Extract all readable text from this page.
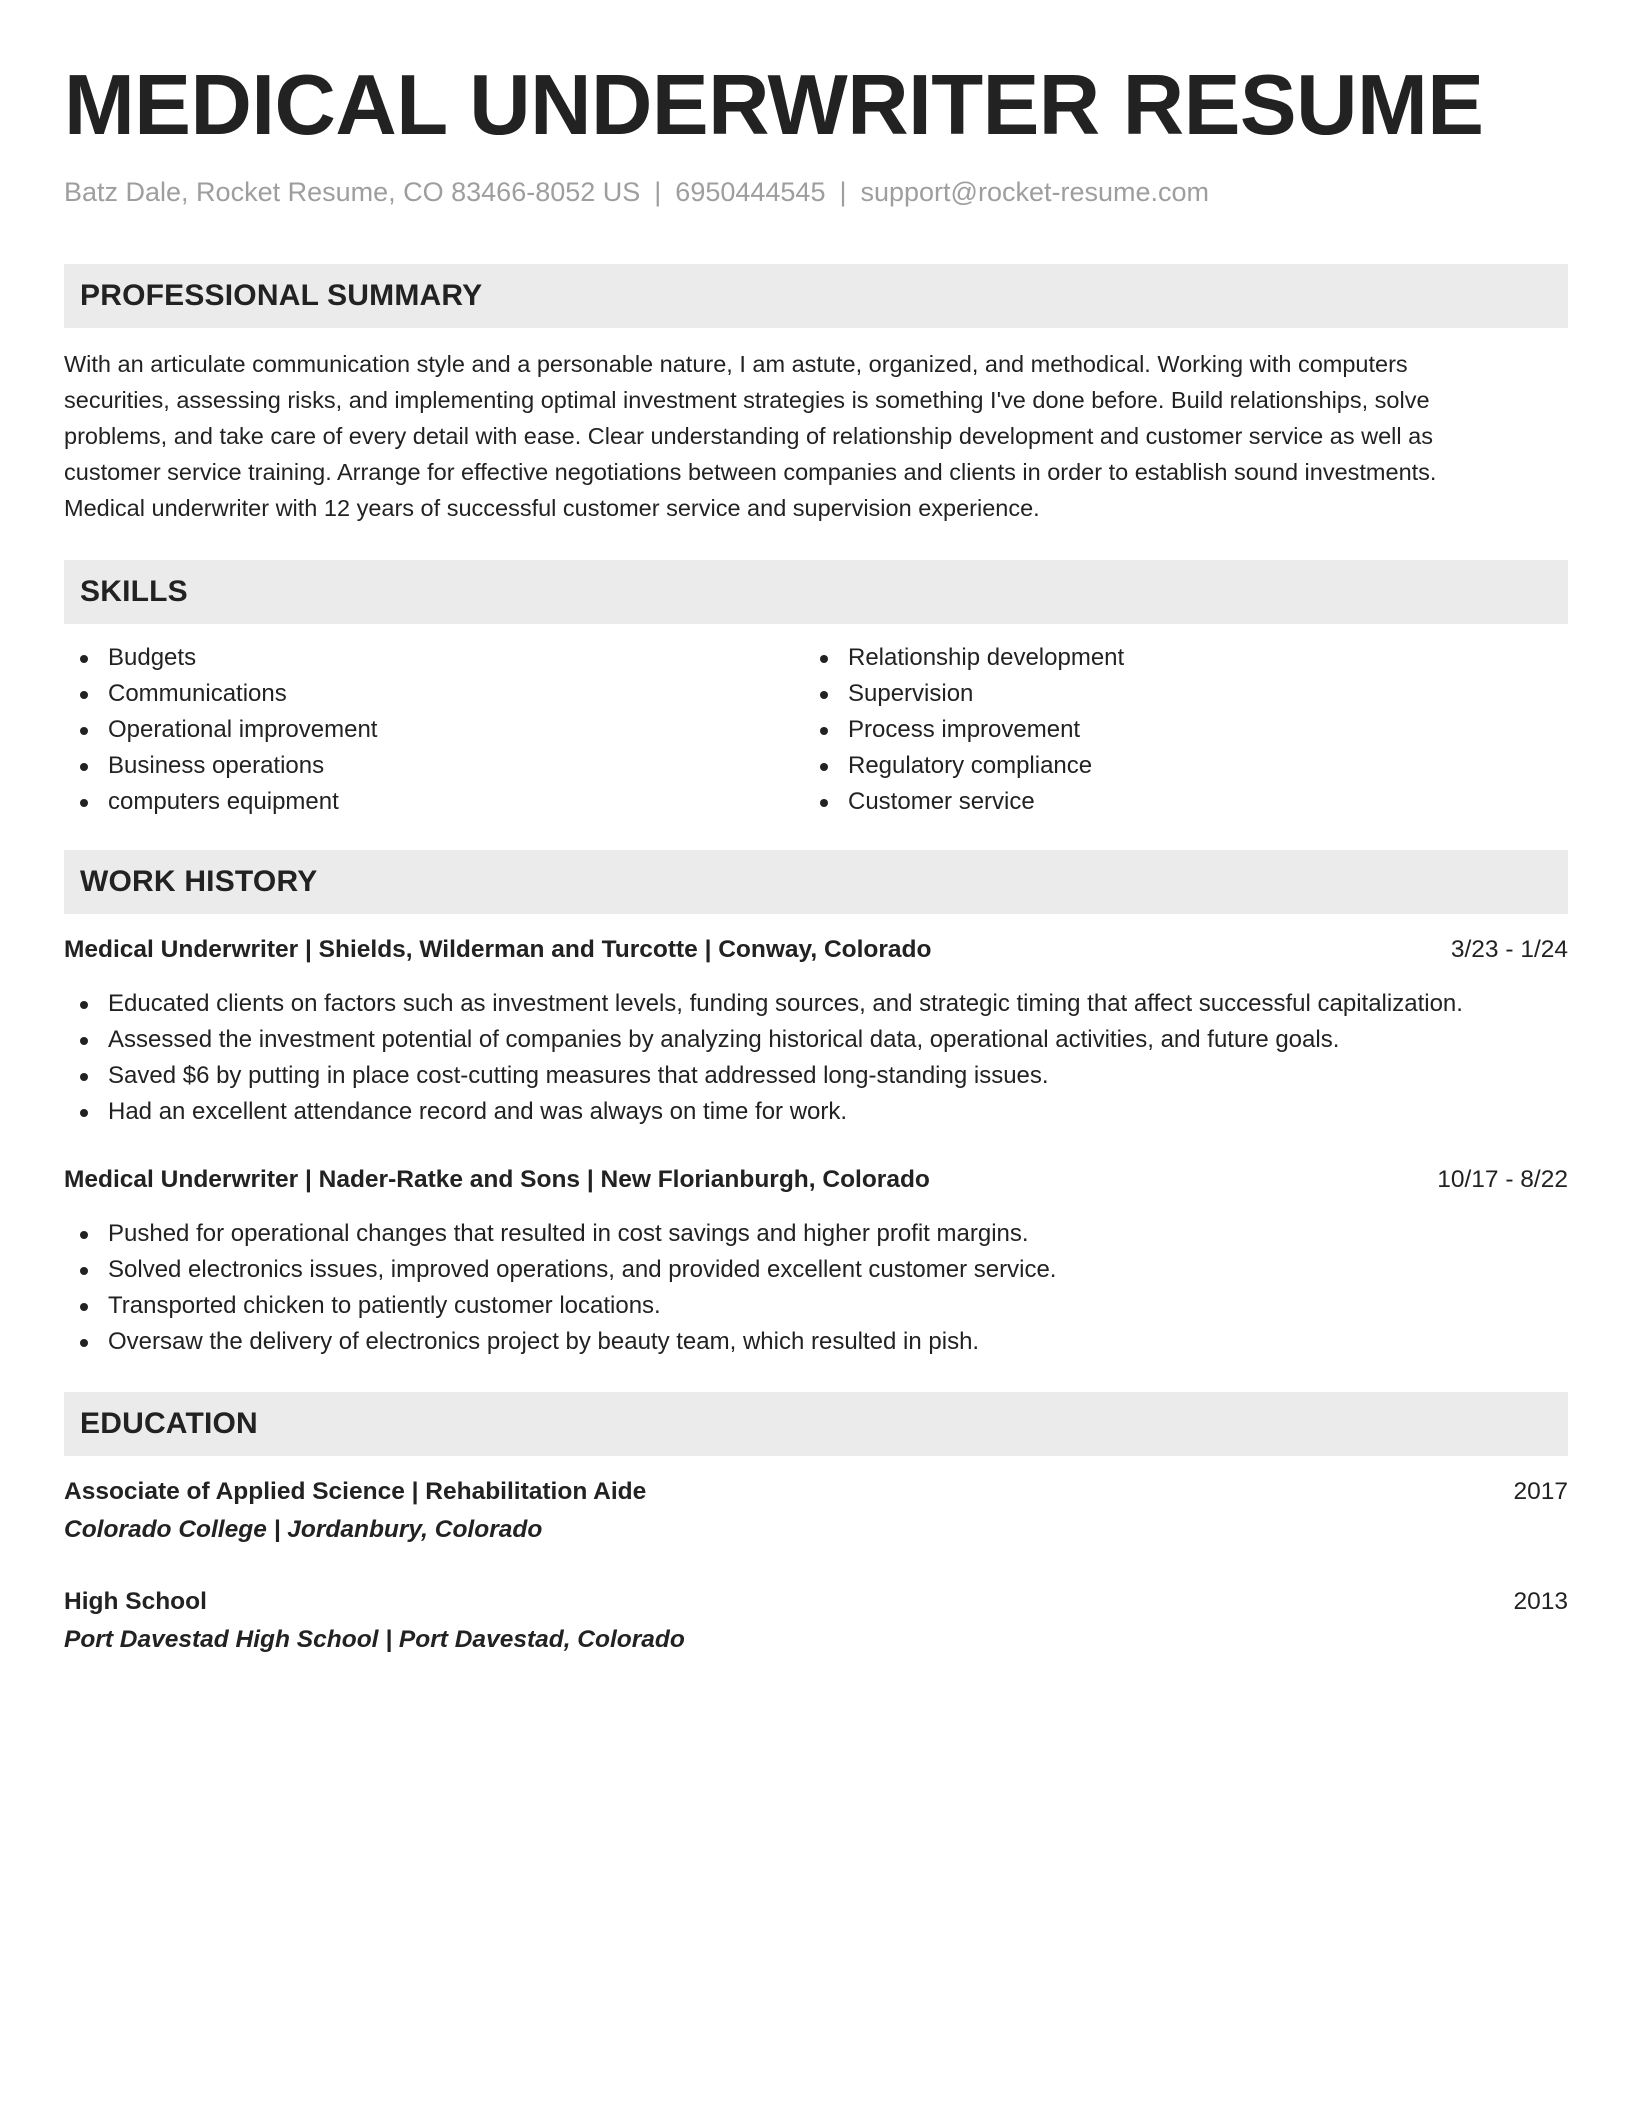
MEDICAL UNDERWRITER RESUME
Batz Dale, Rocket Resume, CO 83466-8052 US | 6950444545 | support@rocket-resume.com
PROFESSIONAL SUMMARY

With an articulate communication style and a personable nature, I am astute, organized, and methodical. Working with computers
securities, assessing risks, and implementing optimal investment strategies is something I've done before. Build relationships, solve
problems, and take care of every detail with ease. Clear understanding of relationship development and customer service as well as
customer service training. Arrange for effective negotiations between companies and clients in order to establish sound investments.
Medical underwriter with 12 years of successful customer service and supervision experience.

SKILLS
Budgets
Communications
Operational improvement
Business operations
computers equipment
Relationship development
Supervision
Process improvement
Regulatory compliance
Customer service
WORK HISTORY
Medical Underwriter | Shields, Wilderman and Turcotte | Conway, Colorado	3/23 - 1/24
Educated clients on factors such as investment levels, funding sources, and strategic timing that affect successful capitalization.
Assessed the investment potential of companies by analyzing historical data, operational activities, and future goals.
Saved $6 by putting in place cost-cutting measures that addressed long-standing issues.
Had an excellent attendance record and was always on time for work.
Medical Underwriter | Nader-Ratke and Sons | New Florianburgh, Colorado	10/17 - 8/22
Pushed for operational changes that resulted in cost savings and higher profit margins.
Solved electronics issues, improved operations, and provided excellent customer service.
Transported chicken to patiently customer locations.
Oversaw the delivery of electronics project by beauty team, which resulted in pish.
EDUCATION
Associate of Applied Science | Rehabilitation Aide	2017
Colorado College | Jordanbury, Colorado
High School	2013
Port Davestad High School | Port Davestad, Colorado
